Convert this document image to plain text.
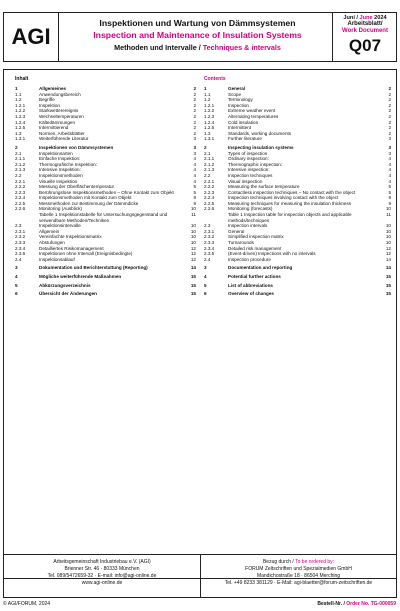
AGI
Inspektionen und Wartung von Dämmsystemen
Inspection and Maintenance of Insulation Systems
Methoden und Intervalle / Techniques & intervals
Juni / June 2024
Arbeitsblatt/
Work Document
Q07
Inhalt
1	Allgemeines	2
1.1	Anwendungsbereich	2
1.2	Begriffe	2
1.2.1	Inspektion	2
1.2.2	Starkwetterereignis	2
1.2.3	Wechseltemperaturen	2
1.2.4	Kältedämmungen	2
1.2.5	Intermittierend	2
1.3	Normen, Arbeitsblätter	2
1.3.1	Weiterführende Literatur	3
2	Inspektionen von Dämmsystemen	3
2.1	Inspektionsarten	3
2.1.1	Einfache Inspektion:	4
2.1.2	Thermografische Inspektion:	4
2.1.3	Intensive Inspektion:	4
2.2	Inspektionsmethoden	4
2.2.1	Visuelle Inspektion	4
2.2.2	Messung der Oberflächentemperatur	5
2.2.3	Berührungslose Inspektionsmethoden – Ohne Kontakt zum Objekt	5
2.2.4	Inspektionsmethoden mit Kontakt zum Objekt	8
2.2.5	Messmethoden zur Bestimmung der Dämmdicke	9
2.2.6	Monitoring (Ausblick)	10
Tabelle 1 Inspektionstabelle für Untersuchungsgegenstand und verwendbare Methoden/Techniken
11
2.3	Inspektionsintervalle	10
2.3.1	Allgemein	10
2.3.2	Vereinfachte Inspektionsmatrix	10
2.3.3	Abstufungen	10
2.3.4	Detailliertes Risikomanagement	12
2.3.5	Inspektionen ohne Intervall (Ereignisbedingte)	12
2.4	Inspektionsablauf	12
3	Dokumentation und Berichterstattung (Reporting)	14
4	Mögliche weiterführende Maßnahmen	15
5	Abkürzungsverzeichnis	15
6	Übersicht der Änderungen	15
Contents
1	General	2
1.1	Scope	2
1.2	Terminology	2
1.2.1	Inspection	2
1.2.2	Extreme weather event	2
1.2.3	Alternating temperatures	2
1.2.4	Cold insulation	2
1.2.5	Intermittent	2
1.3	Standards, working documents	2
1.3.1	Further literature	3
2	Inspecting insulation systems	3
2.1	Types of inspection	3
2.1.1	Ordinary inspection:	4
2.1.2	Thermographic inspection:	4
2.1.3	Intensive inspection:	4
2.2	Inspection techniques	4
2.2.1	Visual inspection	4
2.2.2	Measuring the surface temperature	5
2.2.3	Contactless inspection techniques – No contact with the object	5
2.2.4	Inspection techniques involving contact with the object	8
2.2.5	Measuring techniques for measuring the insulation thickness	9
2.2.6	Monitoring (forecasts)	10
Table 1 Inspection table for inspection objects and applicable methods/techniques
11
2.3	Inspection intervals	10
2.3.1	General	10
2.3.2	Simplified inspection matrix	10
2.3.3	Turnarounds	10
2.3.4	Detailed risk management	12
2.3.5	(Event-driven) Inspections with no intervals	12
2.4	Inspection procedure	14
3	Documentation and reporting	14
4	Potential further actions	15
5	List of abbreviations	15
6	Overview of changes	15
Arbeitsgemeinschaft Industriebau e.V. (AGI)
Brienner Str. 46 · 80333 München
Tel. 089/5472659-32 · E-mail: info@agi-online.de
www.agi-online.de
Bezug durch / To be ordered by:
FORUM Zeitschriften und Spezialmedien GmbH
Mandichostraße 18 · 86504 Merching
Tel. +49 8233 381129 · E-Mail: agi-blaetter@forum-zeitschriften.de
© AGI/FORUM, 2024	Bestell-Nr. / Order No. TG-000059
